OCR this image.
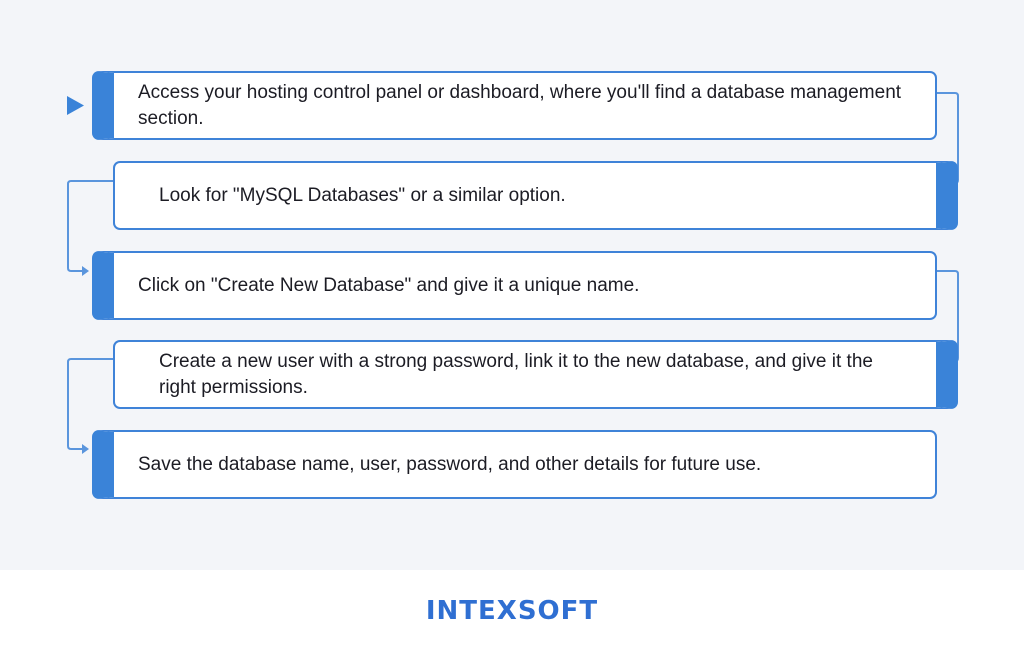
Access your hosting control panel or dashboard, where you'll find a database management section.
Look for "MySQL Databases" or a similar option.
Click on "Create New Database" and give it a unique name.
Create a new user with a strong password, link it to the new database, and give it the right permissions.
Save the database name, user, password, and other details for future use.
INTEXSOFT
